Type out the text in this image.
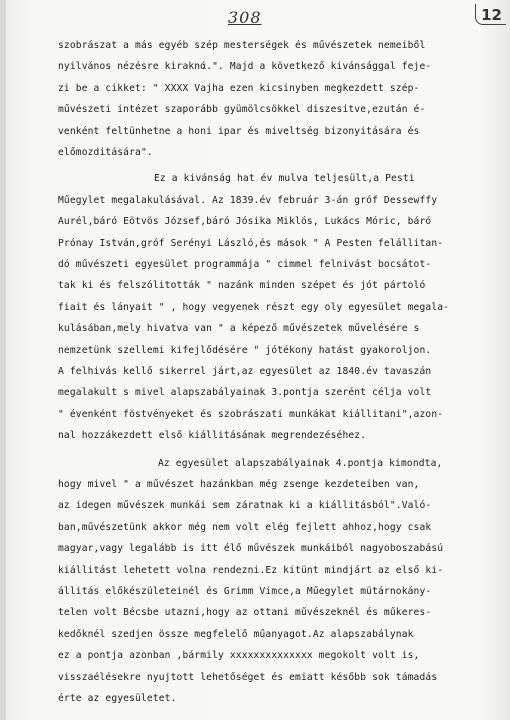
308	12
szobrászat a más egyéb szép mesterségek és művészetek nemeiből
nyilvános nézésre kiraknά.". Majd a következő kivánsággal feje-
zi be a cikket: " XXXX Vajha ezen kicsinyben megkezdett szép-
művészeti intézet szaporább gyümölcsökkel diszesitve,ezután é-
venként feltünhetne a honi ipar és miveltség bizonyitására és
előmozditására".
Ez a kivánság hat év mulva teljesült,a Pesti
Műegylet megalakulásával. Az 1839.év február 3-án gróf Dessewffy
Aurél,báró Eötvös József,báró Jósika Miklós, Lukács Móric, báró
Prónay István,gróf Serényi László,és mások " A Pesten felállitan-
dó művészeti egyesület programmája " cimmel felnivást bocsátot-
tak ki és felszólitották " nazánk minden szépet és jót pártoló
fiait és lányait " , hogy vegyenek részt egy oly egyesület megala-
kulásában,mely hivatva van " a képező művészetek művelésére s
nemzetünk szellemi kifejlődésére " jótékony hatást gyakoroljon.
A felhivás kellő sikerrel járt,az egyesület az 1840.év tavaszán
megalakult s mivel alapszabályainak 3.pontja szerént célja volt
" évenként föstvényeket és szobrászati munkákat kiállitani",azon-
nal hozzákezdett első kiállitásának megrendezéséhez.
Az egyesület alapszabályainak 4.pontja kimondta,
hogy mivel " a művészet hazánkban még zsenge kezdeteiben van,
az idegen művészek munkái sem záratnak ki a kiállitásból".Való-
ban,művészetünk akkor még nem volt elég fejlett ahhoz,hogy csak
magyar,vagy legalább is itt élő művészek munkáiból nagyoboszabású
kiállitást lehetett volna rendezni.Ez kitünt mindjárt az első ki-
állitás előkészületeinél és Grimm Vimce,a Műegylet mütárnokány-
telen volt Bécsbe utazni,hogy az ottani művészeknél és műkeres-
kedőknél szedjen össze megfelelő műanyagot.Az alapszabálynak
ez a pontja azonban ,bármily xxxxxxxxxxxxxx megokolt volt is,
visszaélésekre nyujtott lehetőséget és emiatt később sok támadás
érte az egyesületet.
